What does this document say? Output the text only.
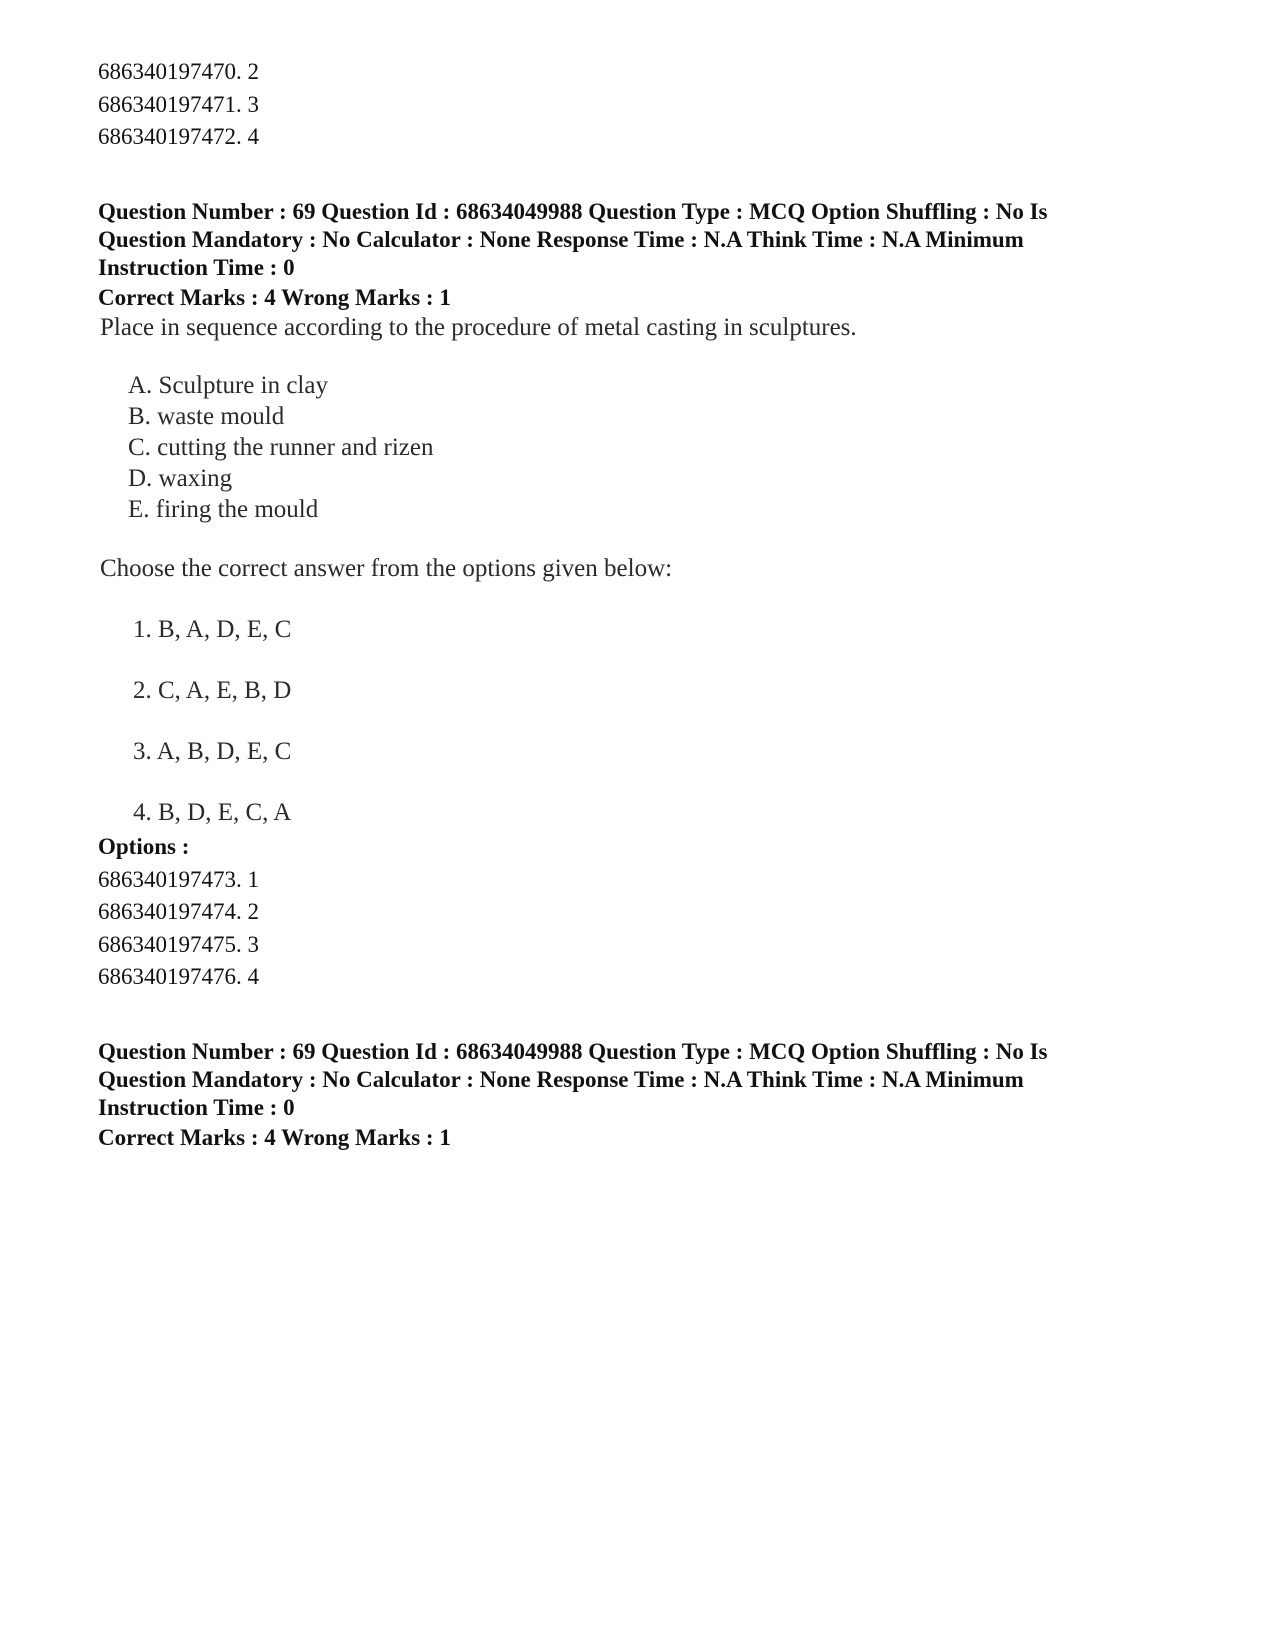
686340197470. 2
686340197471. 3
686340197472. 4
Question Number : 69 Question Id : 68634049988 Question Type : MCQ Option Shuffling : No Is
Question Mandatory : No Calculator : None Response Time : N.A Think Time : N.A Minimum
Instruction Time : 0
Correct Marks : 4 Wrong Marks : 1
Place in sequence according to the procedure of metal casting in sculptures.
A. Sculpture in clay
B. waste mould
C. cutting the runner and rizen
D. waxing
E. firing the mould
Choose the correct answer from the options given below:
1. B, A, D, E, C
2. C, A, E, B, D
3. A, B, D, E, C
4. B, D, E, C, A
Options :
686340197473. 1
686340197474. 2
686340197475. 3
686340197476. 4
Question Number : 69 Question Id : 68634049988 Question Type : MCQ Option Shuffling : No Is
Question Mandatory : No Calculator : None Response Time : N.A Think Time : N.A Minimum
Instruction Time : 0
Correct Marks : 4 Wrong Marks : 1
